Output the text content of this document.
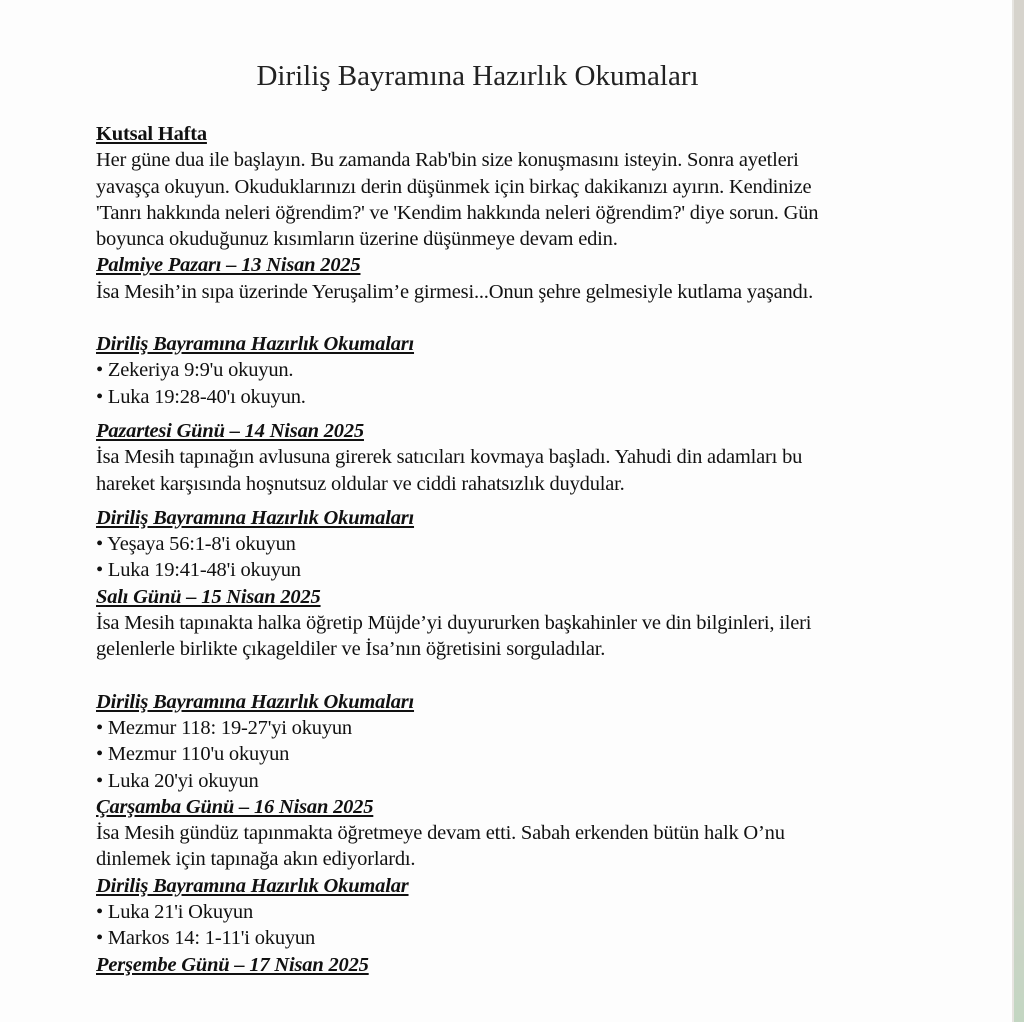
Diriliş Bayramına Hazırlık Okumaları
Kutsal Hafta

Her güne dua ile başlayın. Bu zamanda Rab'bin size konuşmasını isteyin. Sonra ayetleri yavaşça okuyun. Okuduklarınızı derin düşünmek için birkaç dakikanızı ayırın. Kendinize 'Tanrı hakkında neleri öğrendim?' ve 'Kendim hakkında neleri öğrendim?' diye sorun. Gün boyunca okuduğunuz kısımların üzerine düşünmeye devam edin.

Palmiye Pazarı – 13 Nisan 2025

İsa Mesih’in sıpa üzerinde Yeruşalim’e girmesi...Onun şehre gelmesiyle kutlama yaşandı.

Diriliş Bayramına Hazırlık Okumaları
• Zekeriya 9:9'u okuyun.
• Luka 19:28-40'ı okuyun.
Pazartesi Günü – 14 Nisan 2025

İsa Mesih tapınağın avlusuna girerek satıcıları kovmaya başladı. Yahudi din adamları bu hareket karşısında hoşnutsuz oldular ve ciddi rahatsızlık duydular.

Diriliş Bayramına Hazırlık Okumaları
• Yeşaya 56:1-8'i okuyun
• Luka 19:41-48'i okuyun
Salı Günü – 15 Nisan 2025

İsa Mesih tapınakta halka öğretip Müjde’yi duyururken başkahinler ve din bilginleri, ileri gelenlerle birlikte çıkageldiler ve İsa’nın öğretisini sorguladılar.

Diriliş Bayramına Hazırlık Okumaları
• Mezmur 118: 19-27'yi okuyun
• Mezmur 110'u okuyun
• Luka 20'yi okuyun
Çarşamba Günü – 16 Nisan 2025

İsa Mesih gündüz tapınmakta öğretmeye devam etti. Sabah erkenden bütün halk O’nu dinlemek için tapınağa akın ediyorlardı.

Diriliş Bayramına Hazırlık Okumalar
• Luka 21'i Okuyun
• Markos 14: 1-11'i okuyun
Perşembe Günü – 17 Nisan 2025
